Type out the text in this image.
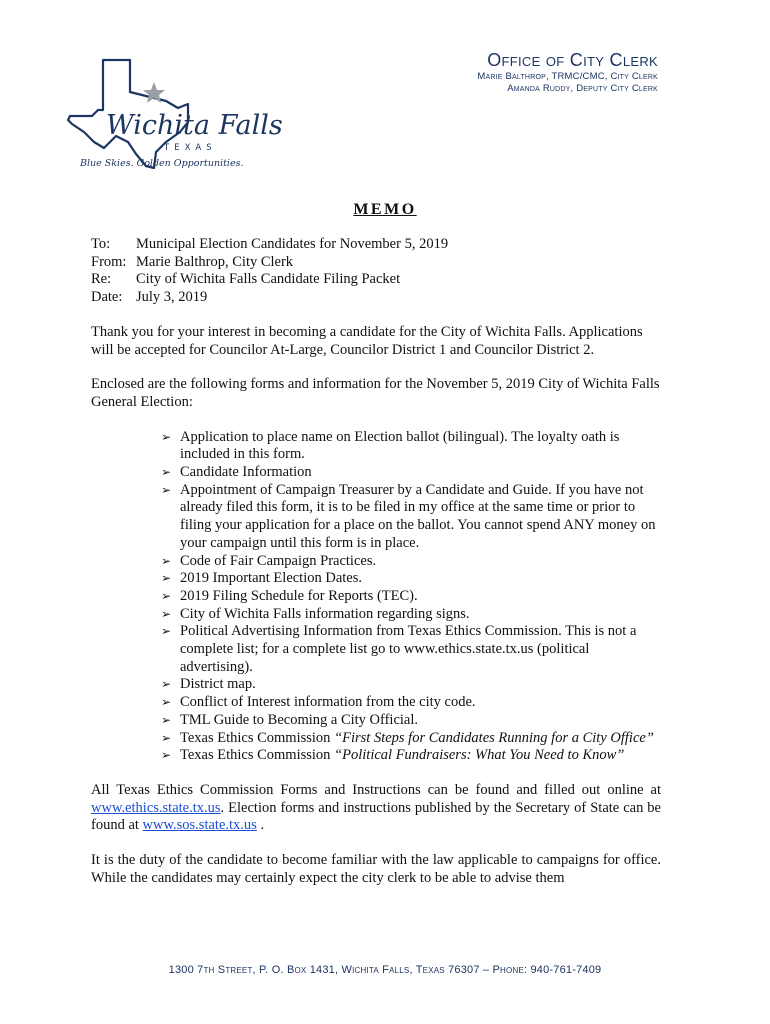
Wichita Falls
TEXAS
Blue Skies. Golden Opportunities.
Office of City Clerk
Marie Balthrop, TRMC/CMC, City Clerk
Amanda Ruddy, Deputy City Clerk
MEMO
To:	Municipal Election Candidates for November 5, 2019
From: Marie Balthrop, City Clerk
Re:	City of Wichita Falls Candidate Filing Packet
Date: July 3, 2019

Thank you for your interest in becoming a candidate for the City of Wichita Falls. Applications will be accepted for Councilor At-Large, Councilor District 1 and Councilor District 2.

Enclosed are the following forms and information for the November 5, 2019 City of Wichita Falls General Election:

➢ Application to place name on Election ballot (bilingual). The loyalty oath is included in this form.
➢ Candidate Information
➢ Appointment of Campaign Treasurer by a Candidate and Guide. If you have not already filed this form, it is to be filed in my office at the same time or prior to filing your application for a place on the ballot. You cannot spend ANY money on your campaign until this form is in place.
➢ Code of Fair Campaign Practices.
➢ 2019 Important Election Dates.
➢ 2019 Filing Schedule for Reports (TEC).
➢ City of Wichita Falls information regarding signs.
➢ Political Advertising Information from Texas Ethics Commission. This is not a complete list; for a complete list go to www.ethics.state.tx.us (political advertising).
➢ District map.
➢ Conflict of Interest information from the city code.
➢ TML Guide to Becoming a City Official.
➢ Texas Ethics Commission “First Steps for Candidates Running for a City Office”
➢ Texas Ethics Commission “Political Fundraisers: What You Need to Know”

All Texas Ethics Commission Forms and Instructions can be found and filled out online at www.ethics.state.tx.us. Election forms and instructions published by the Secretary of State can be found at www.sos.state.tx.us .

It is the duty of the candidate to become familiar with the law applicable to campaigns for office. While the candidates may certainly expect the city clerk to be able to advise them

1300 7th Street, P. O. Box 1431, Wichita Falls, Texas 76307 – Phone: 940-761-7409
